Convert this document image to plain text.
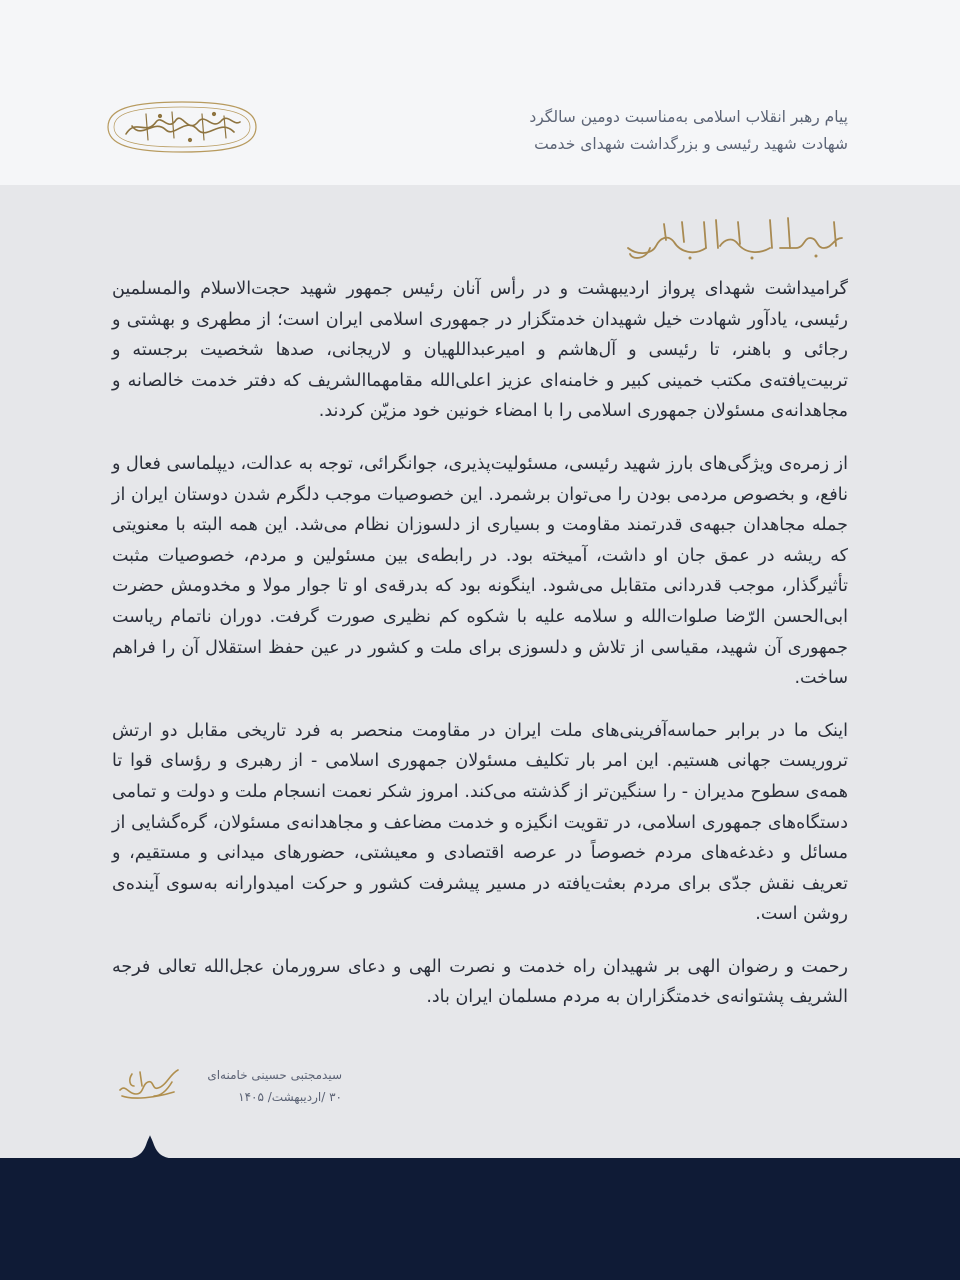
پیام رهبر انقلاب اسلامی به‌مناسبت دومین سالگرد
شهادت شهید رئیسی و بزرگداشت شهدای خدمت

گرامیداشت شهدای پرواز اردیبهشت و در رأس آنان رئیس جمهور شهید حجت‌الاسلام والمسلمین رئیسی، یادآور شهادت خیل شهیدان خدمتگزار در جمهوری اسلامی ایران است؛ از مطهری و بهشتی و رجائی و باهنر، تا رئیسی و آل‌هاشم و امیرعبداللهیان و لاریجانی، صدها شخصیت برجسته و تربیت‌یافته‌ی مکتب خمینی کبیر و خامنه‌ای عزیز اعلی‌الله مقامهماالشریف که دفتر خدمت خالصانه و مجاهدانه‌ی مسئولان جمهوری اسلامی را با امضاء خونین خود مزیّن کردند.

از زمره‌ی ویژگی‌های بارز شهید رئیسی، مسئولیت‌پذیری، جوانگرائی، توجه به عدالت، دیپلماسی فعال و نافع، و بخصوص مردمی بودن را می‌توان برشمرد. این خصوصیات موجب دلگرم شدن دوستان ایران از جمله مجاهدان جبهه‌ی قدرتمند مقاومت و بسیاری از دلسوزان نظام می‌شد. این همه البته با معنویتی که ریشه در عمق جان او داشت، آمیخته بود. در رابطه‌ی بین مسئولین و مردم، خصوصیات مثبت تأثیرگذار، موجب قدردانی متقابل می‌شود. اینگونه بود که بدرقه‌ی او تا جوار مولا و مخدومش حضرت ابی‌الحسن الرّضا صلوات‌الله و سلامه علیه با شکوه کم نظیری صورت گرفت. دوران ناتمام ریاست جمهوری آن شهید، مقیاسی از تلاش و دلسوزی برای ملت و کشور در عین حفظ استقلال آن را فراهم ساخت.

اینک ما در برابر حماسه‌آفرینی‌های ملت ایران در مقاومت منحصر به فرد تاریخی مقابل دو ارتش تروریست جهانی هستیم. این امر بار تکلیف مسئولان جمهوری اسلامی - از رهبری و رؤسای قوا تا همه‌ی سطوح مدیران - را سنگین‌تر از گذشته می‌کند. امروز شکر نعمت انسجام ملت و دولت و تمامی دستگاه‌های جمهوری اسلامی، در تقویت انگیزه و خدمت مضاعف و مجاهدانه‌ی مسئولان، گره‌گشایی از مسائل و دغدغه‌های مردم خصوصاً در عرصه اقتصادی و معیشتی، حضورهای میدانی و مستقیم، و تعریف نقش جدّی برای مردم بعثت‌یافته در مسیر پیشرفت کشور و حرکت امیدوارانه به‌سوی آینده‌ی روشن است.

رحمت و رضوان الهی بر شهیدان راه خدمت و نصرت الهی و دعای سرورمان عجل‌الله تعالی فرجه الشریف پشتوانه‌ی خدمتگزاران به مردم مسلمان ایران باد.

سیدمجتبی حسینی خامنه‌ای
۳۰ /اردیبهشت/ ۱۴۰۵
